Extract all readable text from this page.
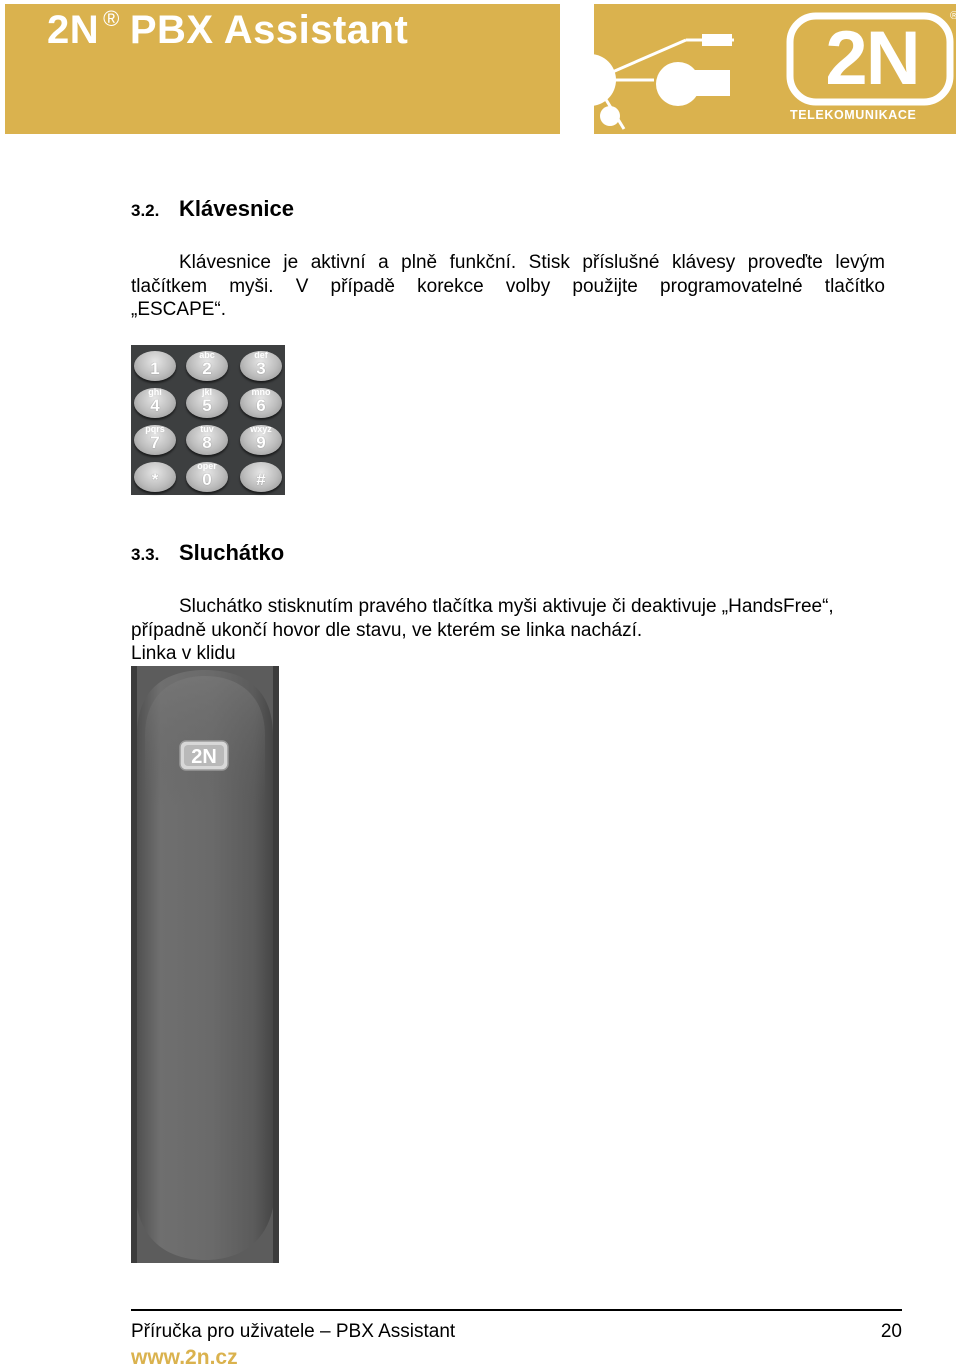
2N ® PBX Assistant	2N	®
TELEKOMUNIKACE
3.2. Klávesnice
Klávesnice je aktivní a plně funkční. Stisk příslušné klávesy proveďte levým
tlačítkem myši. V případě korekce volby použijte programovatelné tlačítko
„ESCAPE“.
1
abc
2
def
3
ghi
4
jkl
5
mno
6
pqrs
7
tuv
8
wxyz
9
*
oper
0	#
3.3. Sluchátko
Sluchátko stisknutím pravého tlačítka myši aktivuje či deaktivuje „HandsFree“,
případně ukončí hovor dle stavu, ve kterém se linka nachází.
Linka v klidu
2N
Příručka pro uživatele – PBX Assistant	20
www.2n.cz
